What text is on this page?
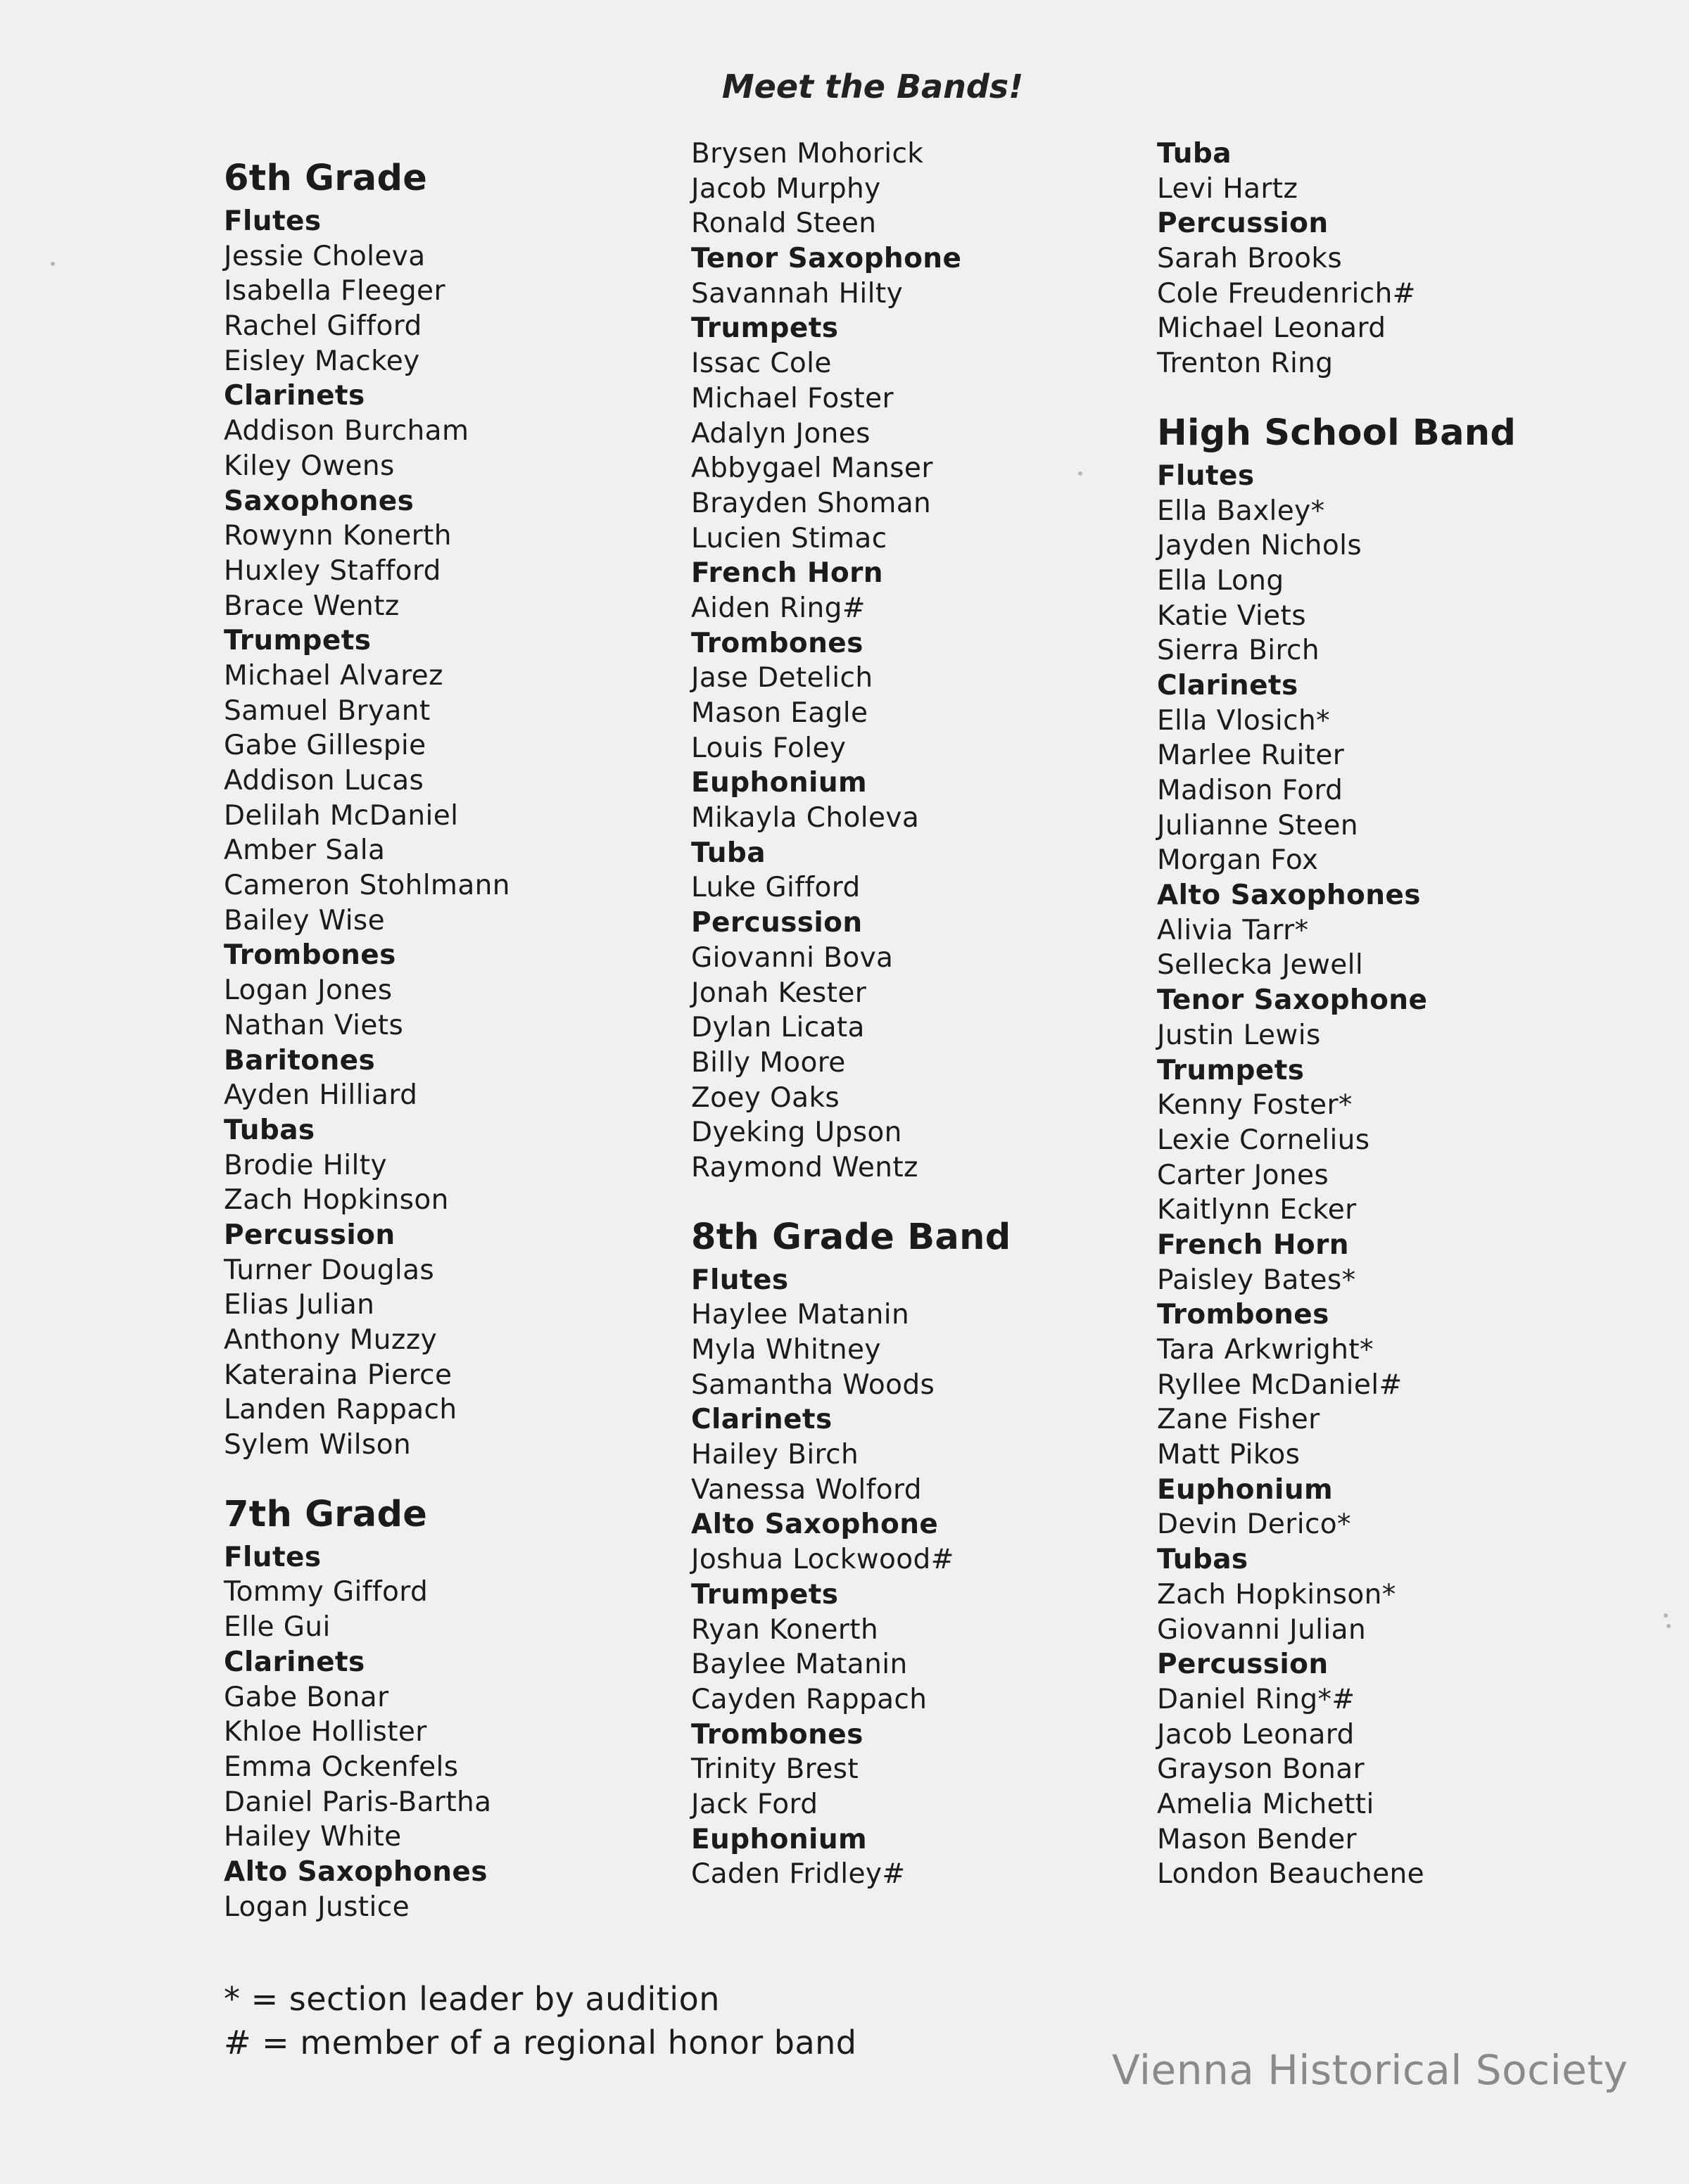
Meet the Bands!
6th Grade
Flutes
Jessie Choleva
Isabella Fleeger
Rachel Gifford
Eisley Mackey
Clarinets
Addison Burcham
Kiley Owens
Saxophones
Rowynn Konerth
Huxley Stafford
Brace Wentz
Trumpets
Michael Alvarez
Samuel Bryant
Gabe Gillespie
Addison Lucas
Delilah McDaniel
Amber Sala
Cameron Stohlmann
Bailey Wise
Trombones
Logan Jones
Nathan Viets
Baritones
Ayden Hilliard
Tubas
Brodie Hilty
Zach Hopkinson
Percussion
Turner Douglas
Elias Julian
Anthony Muzzy
Kateraina Pierce
Landen Rappach
Sylem Wilson
7th Grade
Flutes
Tommy Gifford
Elle Gui
Clarinets
Gabe Bonar
Khloe Hollister
Emma Ockenfels
Daniel Paris-Bartha
Hailey White
Alto Saxophones
Logan Justice
Brysen Mohorick
Jacob Murphy
Ronald Steen
Tenor Saxophone
Savannah Hilty
Trumpets
Issac Cole
Michael Foster
Adalyn Jones
Abbygael Manser
Brayden Shoman
Lucien Stimac
French Horn
Aiden Ring#
Trombones
Jase Detelich
Mason Eagle
Louis Foley
Euphonium
Mikayla Choleva
Tuba
Luke Gifford
Percussion
Giovanni Bova
Jonah Kester
Dylan Licata
Billy Moore
Zoey Oaks
Dyeking Upson
Raymond Wentz
8th Grade Band
Flutes
Haylee Matanin
Myla Whitney
Samantha Woods
Clarinets
Hailey Birch
Vanessa Wolford
Alto Saxophone
Joshua Lockwood#
Trumpets
Ryan Konerth
Baylee Matanin
Cayden Rappach
Trombones
Trinity Brest
Jack Ford
Euphonium
Caden Fridley#
Tuba
Levi Hartz
Percussion
Sarah Brooks
Cole Freudenrich#
Michael Leonard
Trenton Ring
High School Band
Flutes
Ella Baxley*
Jayden Nichols
Ella Long
Katie Viets
Sierra Birch
Clarinets
Ella Vlosich*
Marlee Ruiter
Madison Ford
Julianne Steen
Morgan Fox
Alto Saxophones
Alivia Tarr*
Sellecka Jewell
Tenor Saxophone
Justin Lewis
Trumpets
Kenny Foster*
Lexie Cornelius
Carter Jones
Kaitlynn Ecker
French Horn
Paisley Bates*
Trombones
Tara Arkwright*
Ryllee McDaniel#
Zane Fisher
Matt Pikos
Euphonium
Devin Derico*
Tubas
Zach Hopkinson*
Giovanni Julian
Percussion
Daniel Ring*#
Jacob Leonard
Grayson Bonar
Amelia Michetti
Mason Bender
London Beauchene
* = section leader by audition
# = member of a regional honor band
Vienna Historical Society
